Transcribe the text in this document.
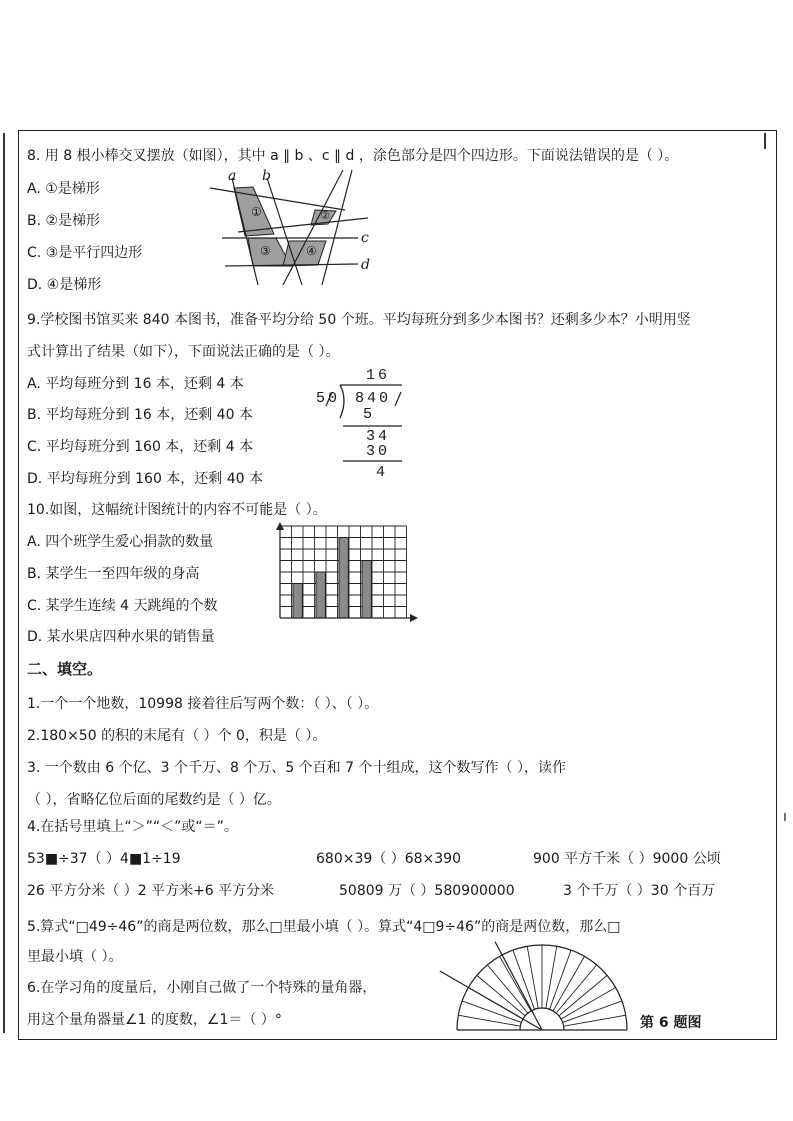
ı
8. 用 8 根小棒交叉摆放（如图），其中 a ∥ b 、c ∥ d ，涂色部分是四个四边形。下面说法错误的是（ ）。
A. ①是梯形
B. ②是梯形
C. ③是平行四边形
D. ④是梯形
a b
c
d
①	②
③	④
9.学校图书馆买来 840 本图书，准备平均分给 50 个班。平均每班分到多少本图书？还剩多少本？小明用竖
式计算出了结果（如下），下面说法正确的是（ ）。
A. 平均每班分到 16 本，还剩 4 本
B. 平均每班分到 16 本，还剩 40 本
C. 平均每班分到 160 本，还剩 4 本
D. 平均每班分到 160 本，还剩 40 本
16
50 840
5
34
30
4
10.如图，这幅统计图统计的内容不可能是（ ）。
A. 四个班学生爱心捐款的数量
B. 某学生一至四年级的身高
C. 某学生连续 4 天跳绳的个数
D. 某水果店四种水果的销售量
二、填空。
1.一个一个地数，10998 接着往后写两个数：（ ）、（ ）。
2.180×50 的积的末尾有（ ）个 0，积是（ ）。
3. 一个数由 6 个亿、3 个千万、8 个万、5 个百和 7 个十组成，这个数写作（ ），读作
（ ），省略亿位后面的尾数约是（ ）亿。
4.在括号里填上“＞”“＜”或“＝”。
53■÷37（ ）4■1÷19	680×39（ ）68×390	900 平方千米（ ）9000 公顷
26 平方分米（ ）2 平方米+6 平方分米	50809 万（ ）580900000	3 个千万（ ）30 个百万
5.算式“□49÷46”的商是两位数，那么□里最小填（ ）。算式“4□9÷46”的商是两位数，那么□
里最小填（ ）。
6.在学习角的度量后，小刚自己做了一个特殊的量角器，
用这个量角器量∠1 的度数，∠1＝（ ）°	第 6 题图
